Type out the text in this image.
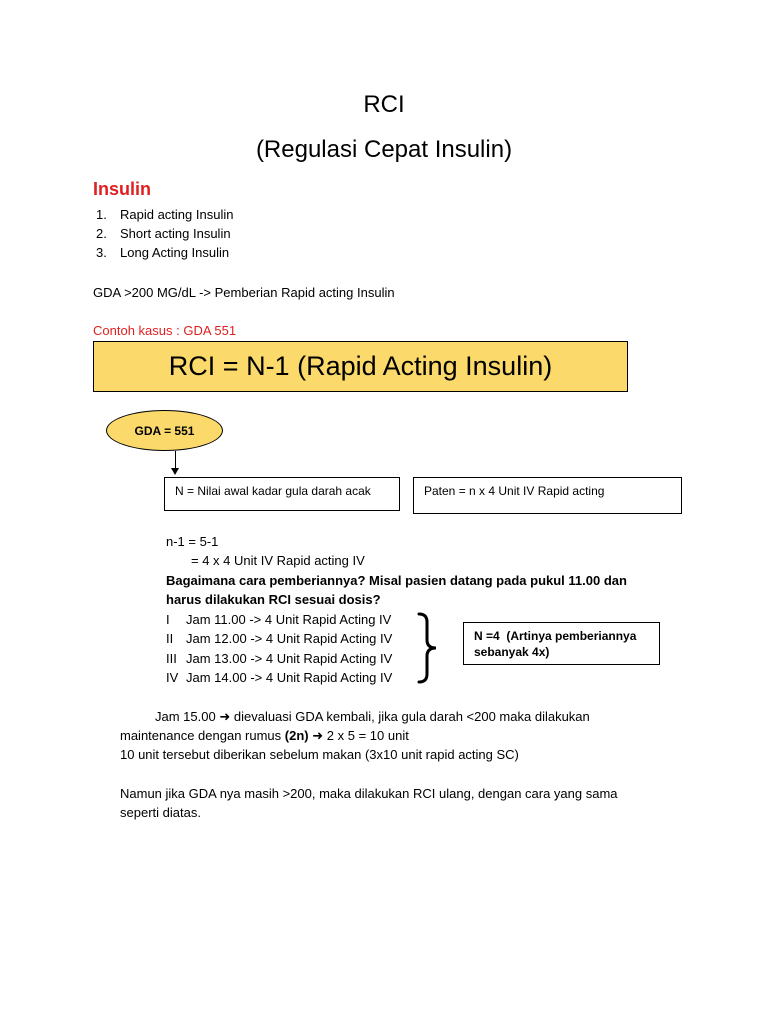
RCI
(Regulasi Cepat Insulin)
Insulin
1. Rapid acting Insulin
2. Short acting Insulin
3. Long Acting Insulin
GDA >200 MG/dL -> Pemberian Rapid acting Insulin
Contoh kasus : GDA 551
RCI = N-1 (Rapid Acting Insulin)
GDA = 551
N = Nilai awal kadar gula darah acak	Paten = n x 4 Unit IV Rapid acting
n-1 = 5-1
= 4 x 4 Unit IV Rapid acting IV
Bagaimana cara pemberiannya? Misal pasien datang pada pukul 11.00 dan
harus dilakukan RCI sesuai dosis?
I Jam 11.00 -> 4 Unit Rapid Acting IV
II Jam 12.00 -> 4 Unit Rapid Acting IV
III Jam 13.00 -> 4 Unit Rapid Acting IV
IV Jam 14.00 -> 4 Unit Rapid Acting IV
N =4  (Artinya pemberiannya
sebanyak 4x)
Jam 15.00 ➜ dievaluasi GDA kembali, jika gula darah <200 maka dilakukan
maintenance dengan rumus (2n) ➜ 2 x 5 = 10 unit
10 unit tersebut diberikan sebelum makan (3x10 unit rapid acting SC)
Namun jika GDA nya masih >200, maka dilakukan RCI ulang, dengan cara yang sama
seperti diatas.
